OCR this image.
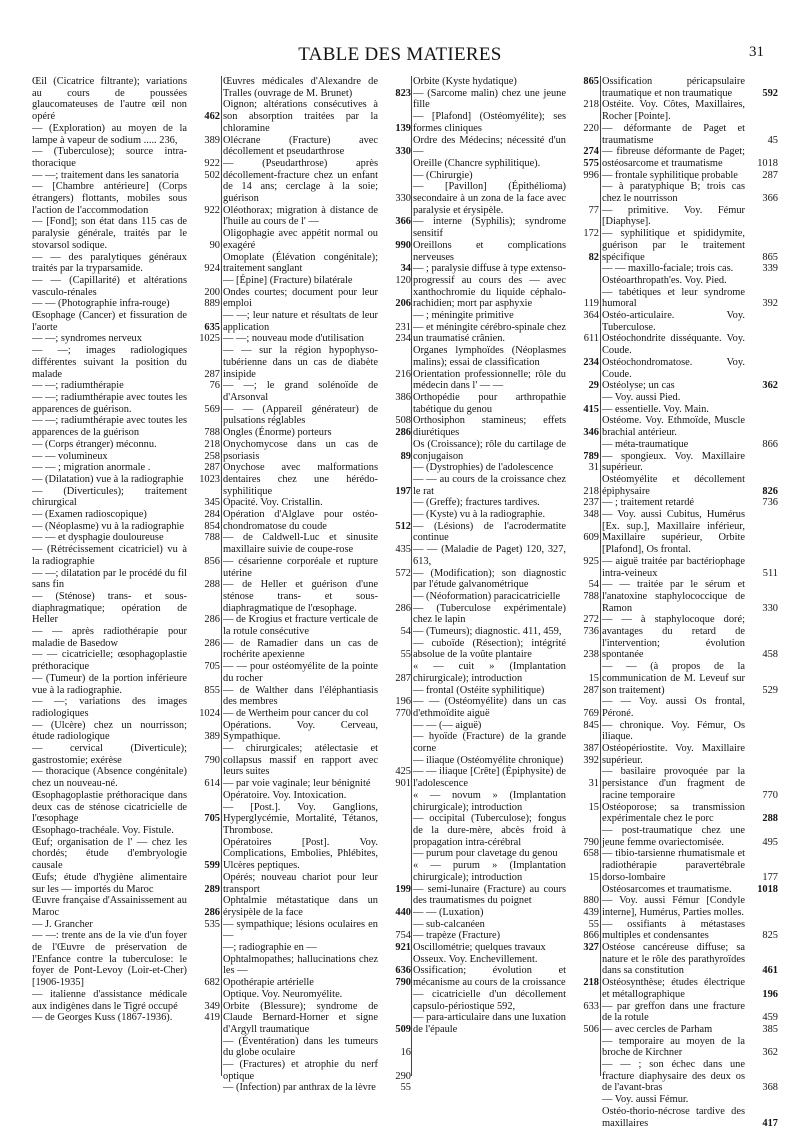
TABLE DES MATIERES	31
Œil (Cicatrice filtrante); variations au cours de poussées glaucomateuses de l'autre œil non opéré	462
— (Exploration) au moyen de la lampe à vapeur de sodium ..... 236,	389
— (Tuberculose); source intra-thoracique	922
— —; traitement dans les sanatoria	502
— [Chambre antérieure] (Corps étrangers) flottants, mobiles sous l'action de l'accommodation	922
— [Fond]; son état dans 115 cas de paralysie générale, traités par le stovarsol sodique.	90
— — des paralytiques généraux traités par la tryparsamide.	924
— — (Capillarité) et altérations vasculo-rénales	200
— — (Photographie infra-rouge)	889
Œsophage (Cancer) et fissuration de l'aorte	635
— —; syndromes nerveux	1025
— —; images radiologiques différentes suivant la position du malade	287
— —; radiumthérapie	76
— —; radiumthérapie avec toutes les apparences de guérison.	569
— —; radiumthérapie avec toutes les apparences de la guérison	788
— (Corps étranger) méconnu.	218
— — volumineux	258
— — ; migration anormale .	287
— (Dilatation) vue à la radiographie	1023
— (Diverticules); traitement chirurgical	345
— (Examen radioscopique)	284
— (Néoplasme) vu à la radiographie	854
— — et dysphagie douloureuse	788
— (Rétrécissement cicatriciel) vu à la radiographie	856
— —; dilatation par le procédé du fil sans fin	288
— (Sténose) trans- et sous-diaphragmatique; opération de Heller	286
— — après radiothérapie pour maladie de Basedow	286
— — cicatricielle; œsophagoplastie préthoracique	705
— (Tumeur) de la portion inférieure vue à la radiographie.	855
— —; variations des images radiologiques	1024
— (Ulcère) chez un nourrisson; étude radiologique	389
— cervical (Diverticule); gastrostomie; exérèse	790
— thoracique (Absence congénitale) chez un nouveau-né.	614
Œsophagoplastie préthoracique dans deux cas de sténose cicatricielle de l'œsophage	705
Œsophago-trachéale. Voy. Fistule.
Œuf; organisation de l' — chez les chordés; étude d'embryologie causale	599
Œufs; étude d'hygiène alimentaire sur les — importés du Maroc	289
Œuvre française d'Assainissement au Maroc	286
— J. Grancher	535
— —: trente ans de la vie d'un foyer de l'Œuvre de préservation de l'Enfance contre la tuberculose: le foyer de Pont-Levoy (Loir-et-Cher) [1906-1935]	682
— italienne d'assistance médicale aux indigènes dans le Tigré occupé	349
— de Georges Kuss (1867-1936).	419
Œuvres médicales d'Alexandre de Tralles (ouvrage de M. Brunet)	823
Oignon; altérations consécutives à son absorption traitées par la chloramine	139
Olécrane (Fracture) avec décollement et pseudarthrose	330
— (Pseudarthrose) après décollement-fracture chez un enfant de 14 ans; cerclage à la soie; guérison	330
Oléothorax; migration à distance de l'huile au cours de l' —	366
Oligophagie avec appétit normal ou exagéré	990
Omoplate (Élévation congénitale); traitement sanglant	34
— [Épine] (Fracture) bilatérale	120
Ondes courtes; document pour leur emploi	206
— —; leur nature et résultats de leur application	231
— —; nouveau mode d'utilisation	234
— — sur la région hypophyso-tubérienne dans un cas de diabète insipide	216
— —; le grand solénoïde de d'Arsonval	386
— — (Appareil générateur) de pulsations réglables	508
Ongles (Énorme) porteurs	286
Onychomycose dans un cas de psoriasis	89
Onychose avec malformations dentaires chez une hérédo-syphilitique	197
Opacité. Voy. Cristallin.
Opération d'Alglave pour ostéo-chondromatose du coude	512
— de Caldwell-Luc et sinusite maxillaire suivie de coupe-rose	435
— césarienne corporéale et rupture utérine	572
— de Heller et guérison d'une sténose trans- et sous-diaphragmatique de l'œsophage.	286
— de Krogius et fracture verticale de la rotule consécutive	54
— de Ramadier dans un cas de rochérite apexienne	55
— — pour ostéomyélite de la pointe du rocher	287
— de Walther dans l'éléphantiasis des membres	196
— de Wertheim pour cancer du col	770
Opérations. Voy. Cerveau, Sympathique.
— chirurgicales; atélectasie et collapsus massif en rapport avec leurs suites	425
— par voie vaginale; leur bénignité	901
Opératoire. Voy. Intoxication.
— [Post.]. Voy. Ganglions, Hyperglycémie, Mortalité, Tétanos, Thrombose.
Opératoires [Post]. Voy. Complications, Embolies, Phlébites, Ulcères peptiques.
Opérés; nouveau chariot pour leur transport	199
Ophtalmie métastatique dans un érysipèle de la face	440
— sympathique; lésions oculaires en —	754
—; radiographie en —	921
Ophtalmopathes; hallucinations chez les —	636
Opothérapie artérielle	790
Optique. Voy. Neuromyélite.
Orbite (Blessure); syndrome de Claude Bernard-Horner et signe d'Argyll traumatique	509
— (Éventération) dans les tumeurs du globe oculaire	16
— (Fractures) et atrophie du nerf optique	290
— (Infection) par anthrax de la lèvre	55
Orbite (Kyste hydatique)	865
— (Sarcome malin) chez une jeune fille	218
— [Plafond] (Ostéomyélite); ses formes cliniques	220
Ordre des Médecins; nécessité d'un —	274
Oreille (Chancre syphilitique).	575
— (Chirurgie)	996
— [Pavillon] (Épithélioma) secondaire à un zona de la face avec paralysie et érysipèle.	77
— interne (Syphilis); syndrome sensitif	172
Oreillons et complications nerveuses	82
— ; paralysie diffuse à type extenso-progressif au cours des — avec xanthochromie du liquide céphalo-rachidien; mort par asphyxie	119
— ; méningite primitive	364
— et méningite cérébro-spinale chez un traumatisé crânien.	611
Organes lymphoïdes (Néoplasmes malins); essai de classification	234
Orientation professionnelle; rôle du médecin dans l' — —	29
Orthopédie pour arthropathie tabétique du genou	415
Orthosiphon stamineus; effets diurétiques	346
Os (Croissance); rôle du cartilage de conjugaison	789
— (Dystrophies) de l'adolescence	31
— — au cours de la croissance chez le rat	218
— (Greffe); fractures tardives.	237
— (Kyste) vu à la radiographie.	348
— (Lésions) de l'acrodermatite continue	609
— — (Maladie de Paget) 120, 327, 613,	925
— (Modification); son diagnostic par l'étude galvanométrique	54
— (Néoformation) paracicatricielle	788
— (Tuberculose expérimentale) chez le lapin	272
— (Tumeurs); diagnostic. 411, 459,	736
— cuboïde (Résection); intégrité absolue de la voûte plantaire	238
« — cuit » (Implantation chirurgicale); introduction	15
— frontal (Ostéite syphilitique)	287
— — (Ostéomyélite) dans un cas d'ethmoïdite aiguë	769
— — (— aiguë)	845
— hyoïde (Fracture) de la grande corne	387
— iliaque (Ostéomyélite chronique)	392
— — iliaque [Crête] (Épiphysite) de l'adolescence	31
« — novum » (Implantation chirurgicale); introduction	15
— occipital (Tuberculose); fongus de la dure-mère, abcès froid à propagation intra-cérébral	790
— purum pour clavetage du genou	658
« — purum » (Implantation chirurgicale); introduction	15
— semi-lunaire (Fracture) au cours des traumatismes du poignet	880
— — (Luxation)	439
— sub-calcanéen	55
— trapèze (Fracture)	866
Oscillométrie; quelques travaux	327
Osseux. Voy. Enchevillement.
Ossification; évolution et mécanisme au cours de la croissance	218
— cicatricielle d'un décollement capsulo-périostique 592,	633
— para-articulaire dans une luxation de l'épaule	506
Ossification péricapsulaire traumatique et non traumatique	592
Ostéite. Voy. Côtes, Maxillaires, Rocher [Pointe].
— déformante de Paget et traumatisme	45
— fibreuse déformante de Paget; ostéosarcome et traumatisme	1018
— frontale syphilitique probable	287
— à paratyphique B; trois cas chez le nourrisson	366
— primitive. Voy. Fémur [Diaphyse].
— syphilitique et spididymite, guérison par le traitement spécifique	865
— — maxillo-faciale; trois cas.	339
Ostéoarthropath'es. Voy. Pied.
— tabétiques et leur syndrome humoral	392
Ostéo-articulaire. Voy. Tuberculose.
Ostéochondrite disséquante. Voy. Coude.
Ostéochondromatose. Voy. Coude.
Ostéolyse; un cas	362
— Voy. aussi Pied.
— essentielle. Voy. Main.
Ostéome. Voy. Ethmoïde, Muscle brachial antérieur.
— méta-traumatique	866
— spongieux. Voy. Maxillaire supérieur.
Ostéomyélite et décollement épiphysaire	826
— ; traitement retardé	736
— Voy. aussi Cubitus, Humérus [Ex. sup.], Maxillaire inférieur, Maxillaire supérieur, Orbite [Plafond], Os frontal.
— aiguë traitée par bactériophage intra-veineux	511
— — traitée par le sérum et l'anatoxine staphylococcique de Ramon	330
— — à staphylocoque doré; avantages du retard de l'intervention; évolution spontanée	458
— — (à propos de la communication de M. Leveuf sur son traitement)	529
— — Voy. aussi Os frontal, Péroné.
— chronique. Voy. Fémur, Os iliaque.
Ostéopériostite. Voy. Maxillaire supérieur.
— basilaire provoquée par la persistance d'un fragment de racine temporaire	770
Ostéoporose; sa transmission expérimentale chez le porc	288
— post-traumatique chez une jeune femme ovariectomisée.	495
— tibio-tarsienne rhumatismale et radiothérapie paravertébrale dorso-lombaire	177
Ostéosarcomes et traumatisme.	1018
— Voy. aussi Fémur [Condyle interne], Humérus, Parties molles.
— ossifiants à métastases multiples et condensantes	825
Ostéose cancéreuse diffuse; sa nature et le rôle des parathyroïdes dans sa constitution	461
Ostéosynthèse; études électrique et métallographique	196
— par greffon dans une fracture de la rotule	459
— avec cercles de Parham	385
— temporaire au moyen de la broche de Kirchner	362
— — ; son échec dans une fracture diaphysaire des deux os de l'avant-bras	368
— Voy. aussi Fémur.
Ostéo-thorio-nécrose tardive des maxillaires	417
